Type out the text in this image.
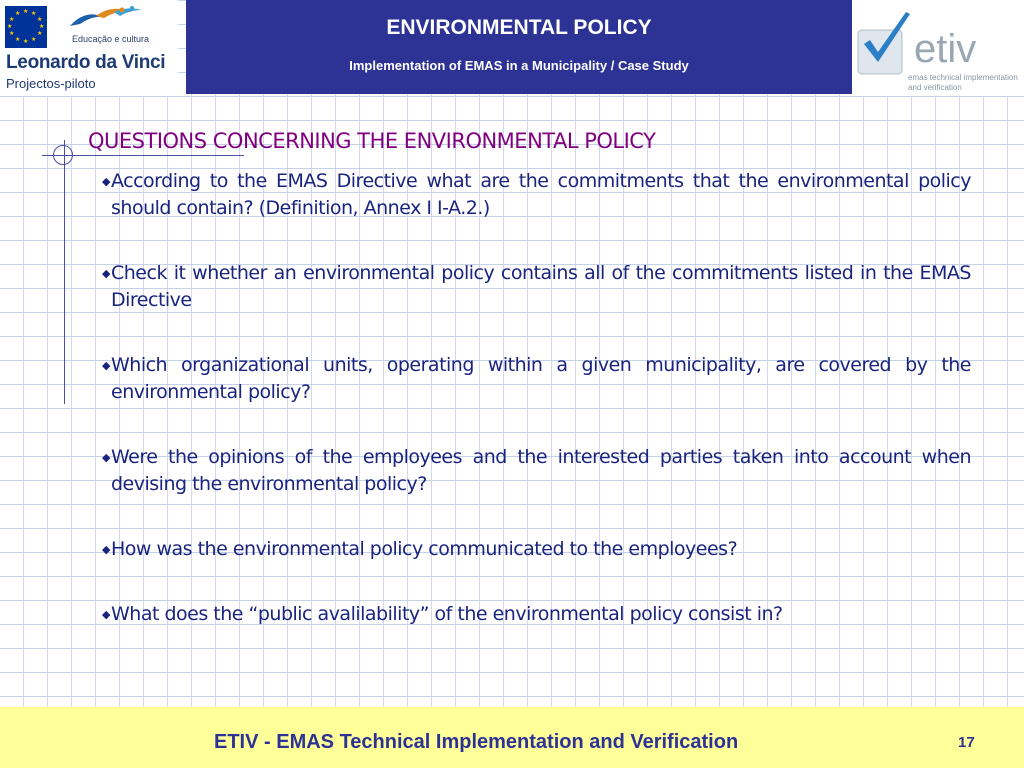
★ ★
★
★
★
★
★
★
★
★
★
★
Educação e cultura
Leonardo da Vinci
Projectos-piloto
ENVIRONMENTAL POLICY
Implementation of EMAS in a Municipality / Case Study	etiv
emas technical implementation
and verification
QUESTIONS CONCERNING THE ENVIRONMENTAL POLICY
◆ According to the EMAS Directive what are the commitments that the environmental policy should contain? (Definition, Annex I I-A.2.)
◆ Check it whether an environmental policy contains all of the commitments listed in the EMAS Directive
◆ Which organizational units, operating within a given municipality, are covered by the environmental policy?
◆ Were the opinions of the employees and the interested parties taken into account when devising the environmental policy?
◆ How was the environmental policy communicated to the employees?
◆ What does the “public avalilability” of the environmental policy consist in?
ETIV - EMAS Technical Implementation and Verification	17
